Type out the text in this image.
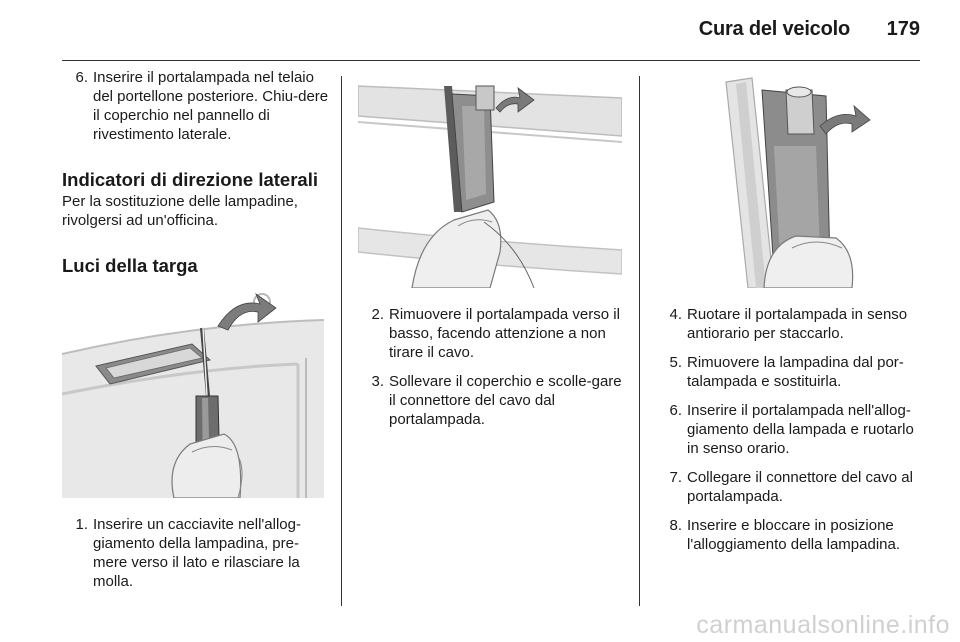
Cura del veicolo	179
6. Inserire il portalampada nel telaio del portellone posteriore. Chiu-dere il coperchio nel pannello di rivestimento laterale.
Indicatori di direzione laterali

Per la sostituzione delle lampadine, rivolgersi ad un'officina.

Luci della targa
1. Inserire un cacciavite nell'allog-giamento della lampadina, pre-mere verso il lato e rilasciare la molla.
2. Rimuovere il portalampada verso il basso, facendo attenzione a non tirare il cavo.
3. Sollevare il coperchio e scolle-gare il connettore del cavo dal portalampada.
4. Ruotare il portalampada in senso antiorario per staccarlo.
5. Rimuovere la lampadina dal por-talampada e sostituirla.
6. Inserire il portalampada nell'allog-giamento della lampada e ruotarlo in senso orario.
7. Collegare il connettore del cavo al portalampada.
8. Inserire e bloccare in posizione l'alloggiamento della lampadina.
carmanualsonline.info
